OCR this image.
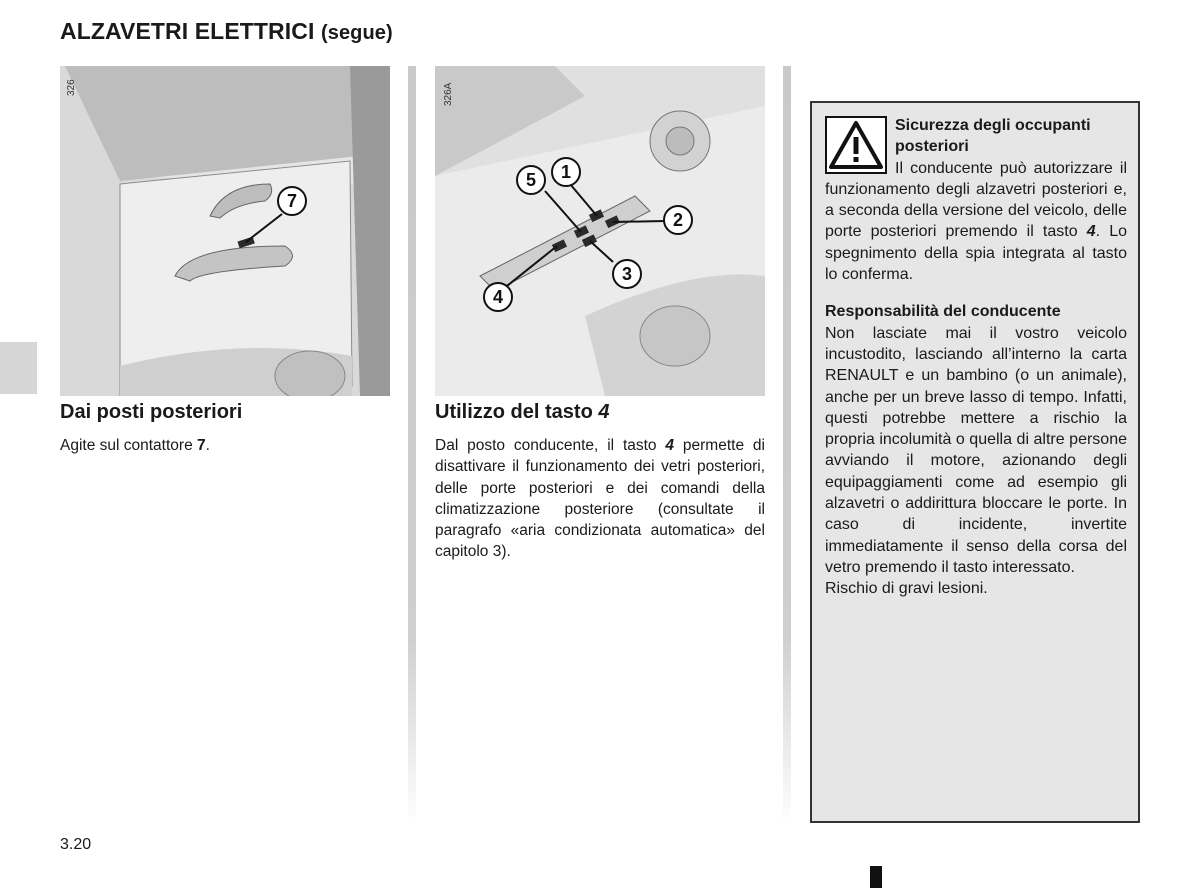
ALZAVETRI ELETTRICI (segue)
326
7
326A
1
2
3
4
5
Dai posti posteriori
Agite sul contattore 7.
Utilizzo del tasto 4
Dal posto conducente, il tasto 4 permette di disattivare il funzionamento dei vetri posteriori, delle porte posteriori e dei comandi della climatizzazione posteriore (consultate il paragrafo «aria condizionata automatica» del capitolo 3).
Sicurezza degli occupanti posteriori
Il conducente può autorizzare il funzionamento degli alzavetri posteriori e, a seconda della versione del veicolo, delle porte posteriori premendo il tasto 4. Lo spegnimento della spia integrata al tasto lo conferma.
Responsabilità del conducente
Non lasciate mai il vostro veicolo incustodito, lasciando all’interno la carta RENAULT e un bambino (o un animale), anche per un breve lasso di tempo. Infatti, questi potrebbe mettere a rischio la propria incolumità o quella di altre persone avviando il motore, azionando degli equipaggiamenti come ad esempio gli alzavetri o addirittura bloccare le porte. In caso di incidente, invertite immediatamente il senso della corsa del vetro premendo il tasto interessato.
Rischio di gravi lesioni.
3.20
